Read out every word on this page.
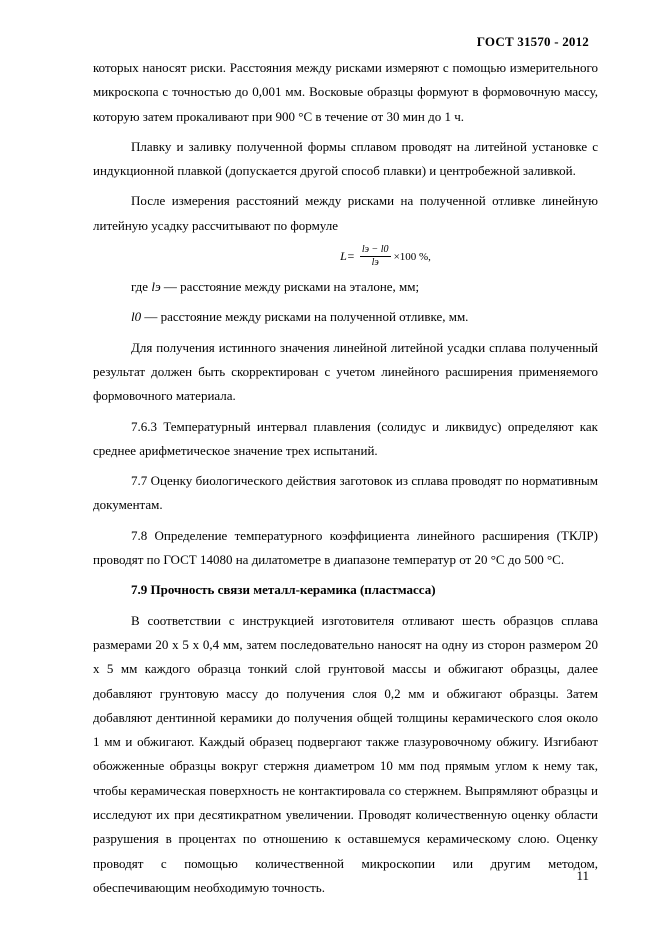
ГОСТ 31570 - 2012

которых наносят риски. Расстояния между рисками измеряют с помощью измерительного микроскопа с точностью до 0,001 мм. Восковые образцы формуют в формовочную массу, которую затем прокаливают при 900 °С в течение от 30 мин до 1 ч.

Плавку и заливку полученной формы сплавом проводят на литейной установке с индукционной плавкой (допускается другой способ плавки) и центробежной заливкой.

После измерения расстояний между рисками на полученной отливке линейную литейную усадку рассчитывают по формуле

$L= \frac{lэ - l0}{lэ} \times 100$ %,

где lэ — расстояние между рисками на эталоне, мм;

l0 — расстояние между рисками на полученной отливке, мм.

Для получения истинного значения линейной литейной усадки сплава полученный результат должен быть скорректирован с учетом линейного расширения применяемого формовочного материала.

7.6.3 Температурный интервал плавления (солидус и ликвидус) определяют как среднее арифметическое значение трех испытаний.

7.7 Оценку биологического действия заготовок из сплава проводят по нормативным документам.

7.8 Определение температурного коэффициента линейного расширения (ТКЛР) проводят по ГОСТ 14080 на дилатометре в диапазоне температур от 20 °С до 500 °С.

7.9 Прочность связи металл-керамика (пластмасса)

В соответствии с инструкцией изготовителя отливают шесть образцов сплава размерами 20 х 5 х 0,4 мм, затем последовательно наносят на одну из сторон размером 20 х 5 мм каждого образца тонкий слой грунтовой массы и обжигают образцы, далее добавляют грунтовую массу до получения слоя 0,2 мм и обжигают образцы. Затем добавляют дентинной керамики до получения общей толщины керамического слоя около 1 мм и обжигают. Каждый образец подвергают также глазуровочному обжигу. Изгибают обожженные образцы вокруг стержня диаметром 10 мм под прямым углом к нему так, чтобы керамическая поверхность не контактировала со стержнем. Выпрямляют образцы и исследуют их при десятикратном увеличении. Проводят количественную оценку области разрушения в процентах по отношению к оставшемуся керамическому слою. Оценку проводят с помощью количественной микроскопии или другим методом, обеспечивающим необходимую точность.

11
